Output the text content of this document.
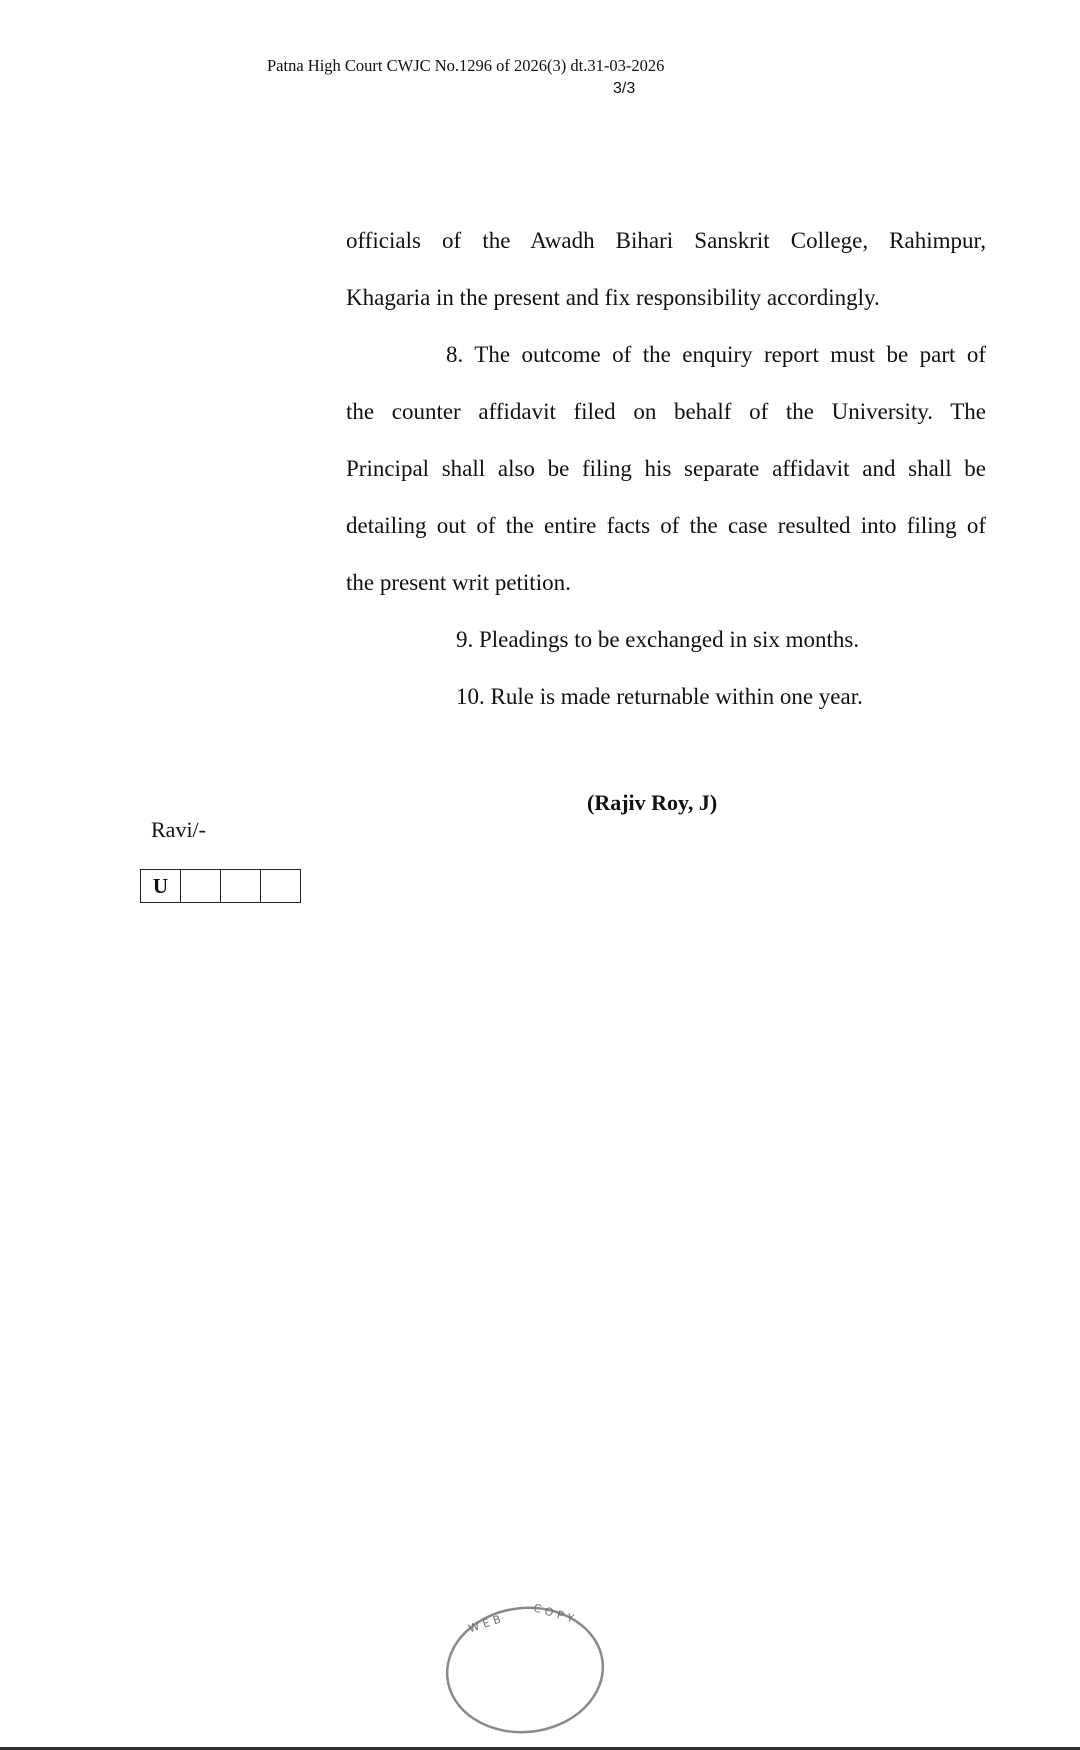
Patna High Court CWJC No.1296 of 2026(3) dt.31-03-2026
3/3

officials of the Awadh Bihari Sanskrit College, Rahimpur,

Khagaria in the present and fix responsibility accordingly.

8. The outcome of the enquiry report must be part of

the counter affidavit filed on behalf of the University. The

Principal shall also be filing his separate affidavit and shall be

detailing out of the entire facts of the case resulted into filing of

the present writ petition.

9. Pleadings to be exchanged in six months.

10. Rule is made returnable within one year.

(Rajiv Roy, J)
Ravi/-
U
WEB COPY
